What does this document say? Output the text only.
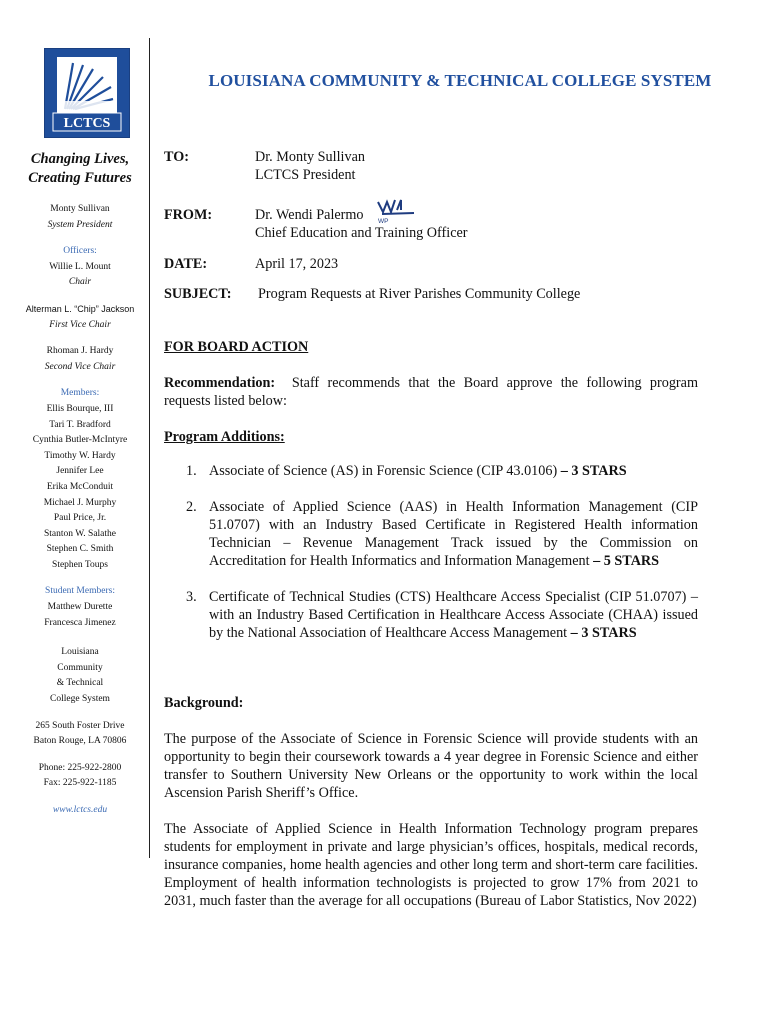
LCTCS

Changing Lives,
Creating Futures

Monty Sullivan

System President

Officers:

Willie L. Mount

Chair

Alterman L. “Chip” Jackson

First Vice Chair

Rhoman J. Hardy

Second Vice Chair

Members:

Ellis Bourque, III

Tari T. Bradford

Cynthia Butler-McIntyre

Timothy W. Hardy

Jennifer Lee

Erika McConduit

Michael J. Murphy

Paul Price, Jr.

Stanton W. Salathe

Stephen C. Smith

Stephen Toups

Student Members:

Matthew Durette

Francesca Jimenez

Louisiana

Community

& Technical

College System

265 South Foster Drive

Baton Rouge, LA 70806

Phone: 225-922-2800

Fax: 225-922-1185

www.lctcs.edu

LOUISIANA COMMUNITY & TECHNICAL COLLEGE SYSTEM
TO:	Dr. Monty Sullivan
LCTCS President
FROM:	Dr. Wendi Palermo
Chief Education and Training Officer
WP
DATE:	April 17, 2023
SUBJECT: Program Requests at River Parishes Community College
FOR BOARD ACTION
Recommendation: Staff recommends that the Board approve the following program requests listed below:
Program Additions:
1. Associate of Science (AS) in Forensic Science (CIP 43.0106) – 3 STARS
2. Associate of Applied Science (AAS) in Health Information Management (CIP 51.0707) with an Industry Based Certificate in Registered Health information Technician – Revenue Management Track issued by the Commission on Accreditation for Health Informatics and Information Management – 5 STARS
3. Certificate of Technical Studies (CTS) Healthcare Access Specialist (CIP 51.0707) – with an Industry Based Certification in Healthcare Access Associate (CHAA) issued by the National Association of Healthcare Access Management – 3 STARS
Background:
The purpose of the Associate of Science in Forensic Science will provide students with an opportunity to begin their coursework towards a 4 year degree in Forensic Science and either transfer to Southern University New Orleans or the opportunity to work within the local Ascension Parish Sheriff’s Office.
The Associate of Applied Science in Health Information Technology program prepares students for employment in private and large physician’s offices, hospitals, medical records, insurance companies, home health agencies and other long term and short-term care facilities. Employment of health information technologists is projected to grow 17% from 2021 to 2031, much faster than the average for all occupations (Bureau of Labor Statistics, Nov 2022)
